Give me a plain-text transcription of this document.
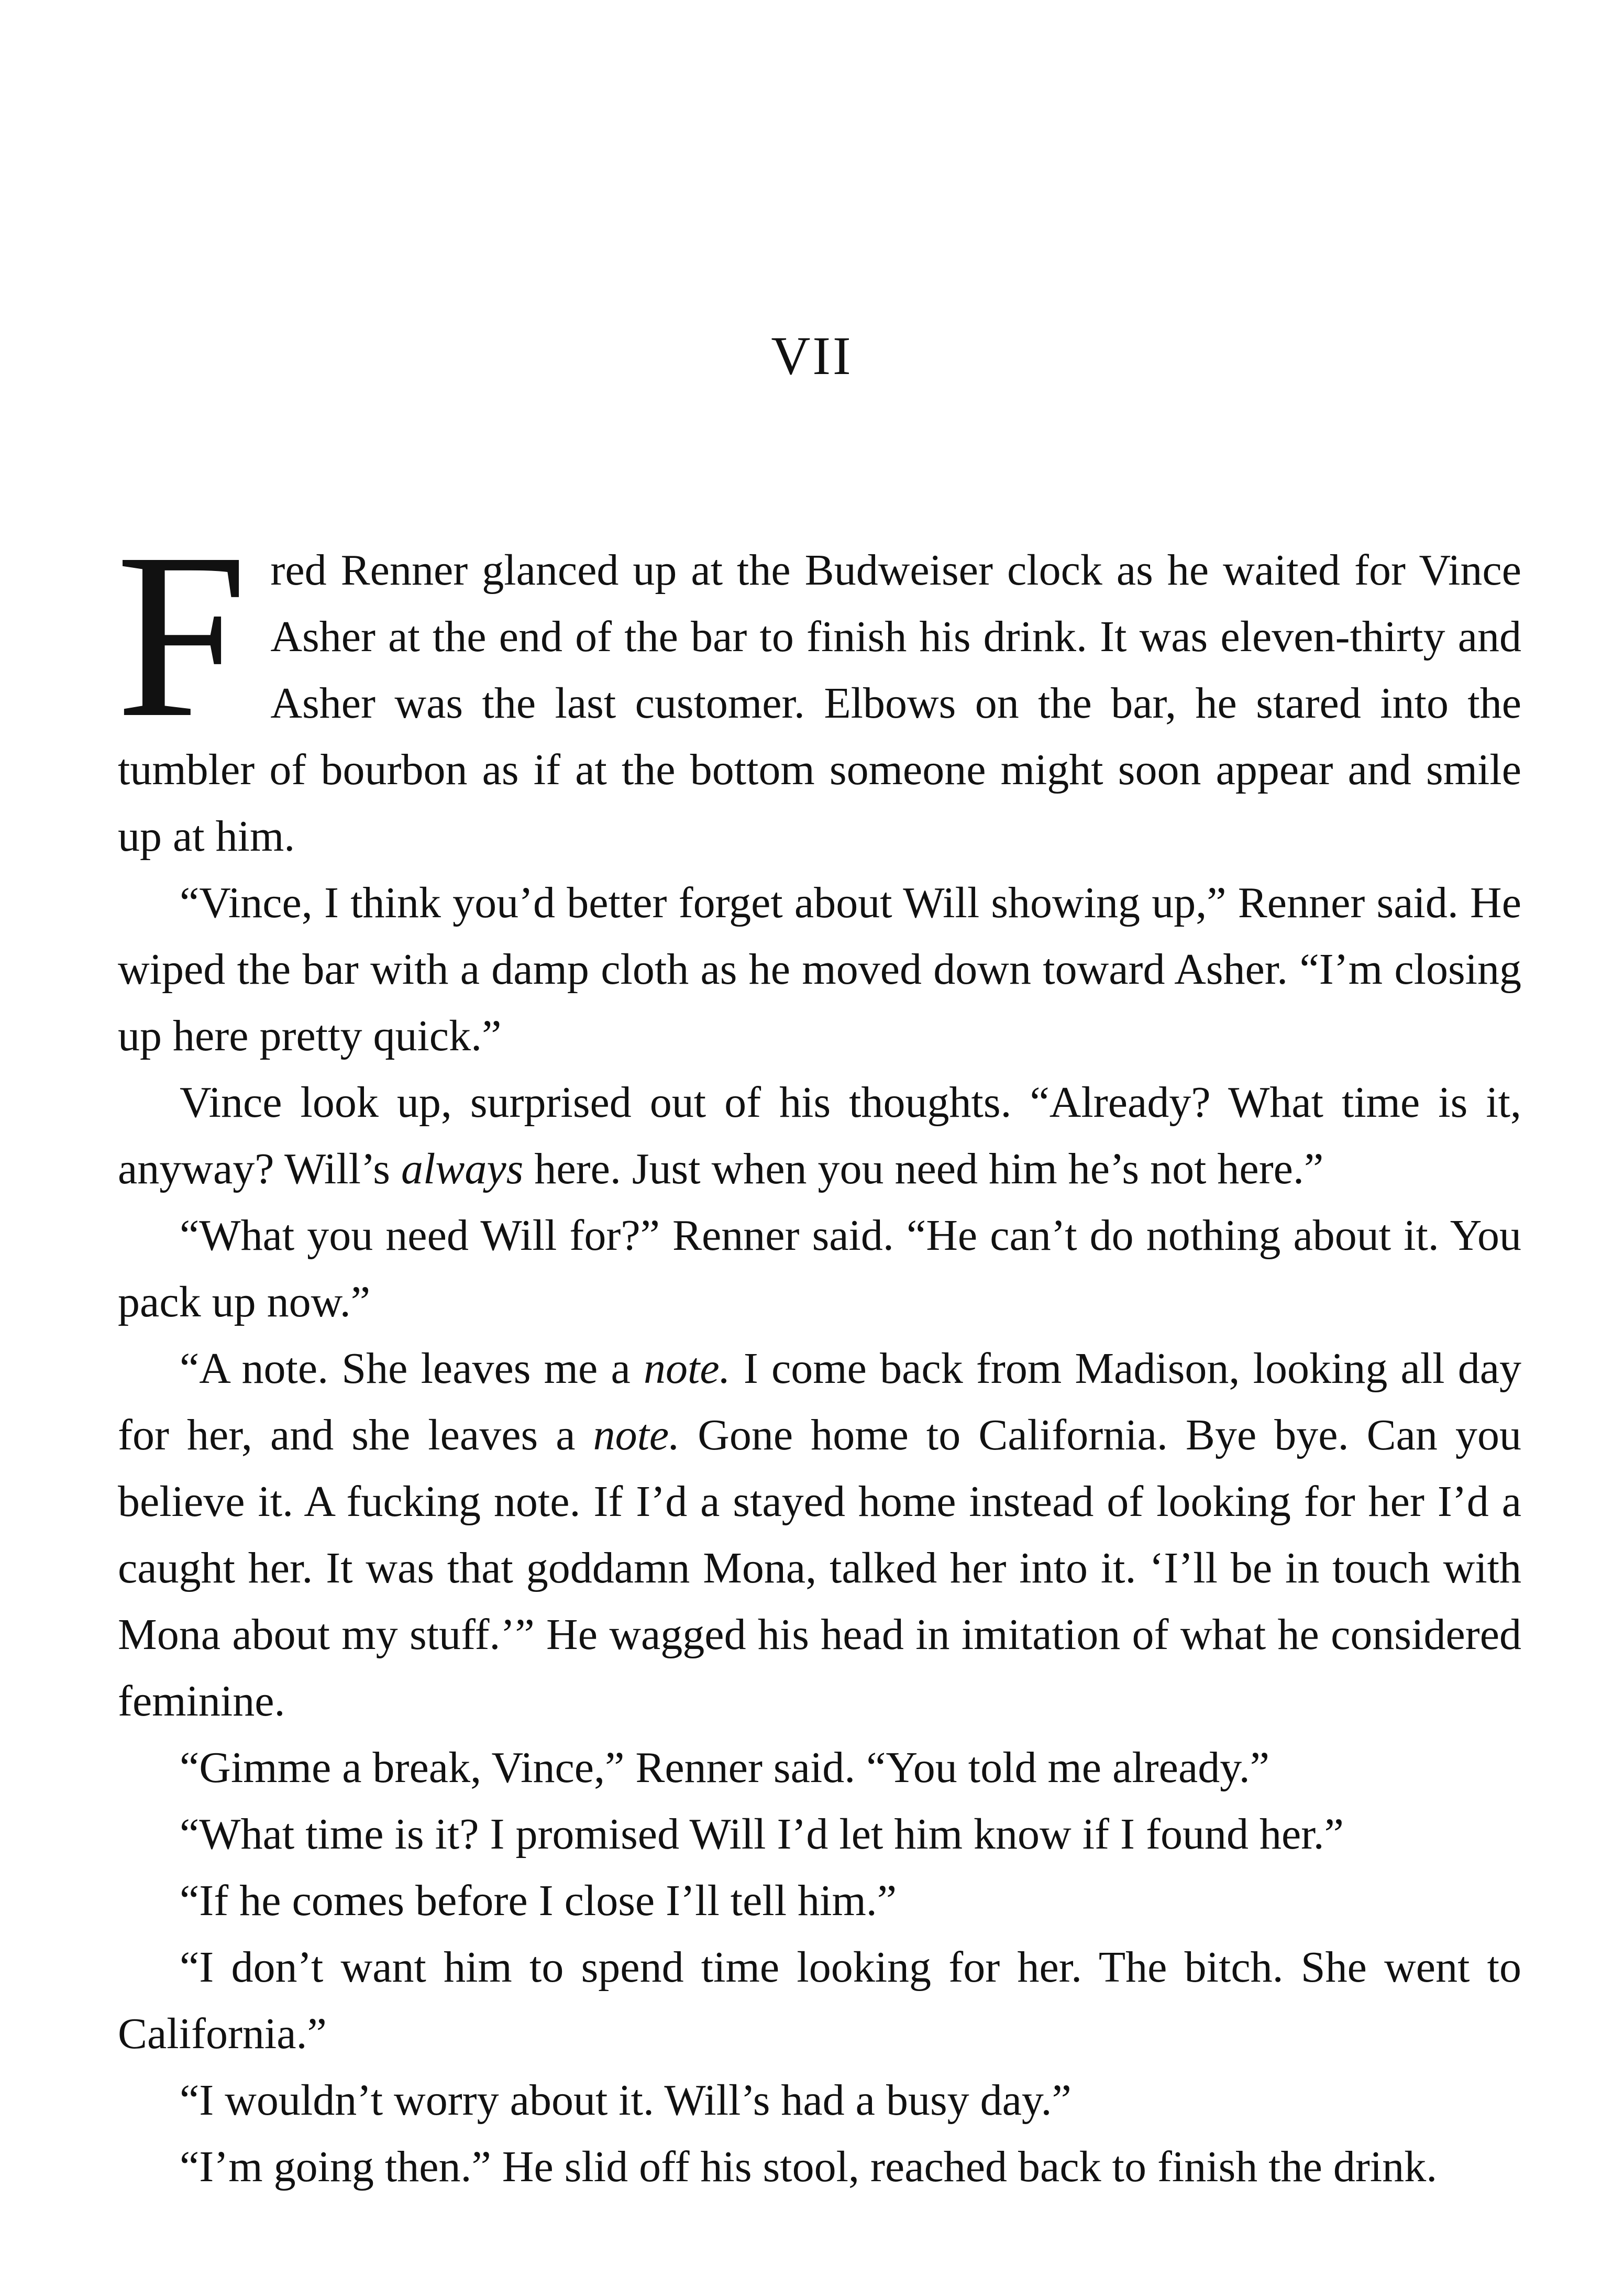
VII

Fred Renner glanced up at the Budweiser clock as he waited for Vince Asher at the end of the bar to finish his drink. It was eleven-thirty and Asher was the last customer. Elbows on the bar, he stared into the tumbler of bourbon as if at the bottom someone might soon appear and smile up at him.

“Vince, I think you’d better forget about Will showing up,” Renner said. He wiped the bar with a damp cloth as he moved down toward Asher. “I’m closing up here pretty quick.”

Vince look up, surprised out of his thoughts. “Already? What time is it, anyway? Will’s always here. Just when you need him he’s not here.”

“What you need Will for?” Renner said. “He can’t do nothing about it. You pack up now.”

“A note. She leaves me a note. I come back from Madison, looking all day for her, and she leaves a note. Gone home to California. Bye bye. Can you believe it. A fucking note. If I’d a stayed home instead of looking for her I’d a caught her. It was that goddamn Mona, talked her into it. ‘I’ll be in touch with Mona about my stuff.’” He wagged his head in imitation of what he considered feminine.

“Gimme a break, Vince,” Renner said. “You told me already.”

“What time is it? I promised Will I’d let him know if I found her.”

“If he comes before I close I’ll tell him.”

“I don’t want him to spend time looking for her. The bitch. She went to California.”

“I wouldn’t worry about it. Will’s had a busy day.”

“I’m going then.” He slid off his stool, reached back to finish the drink.
